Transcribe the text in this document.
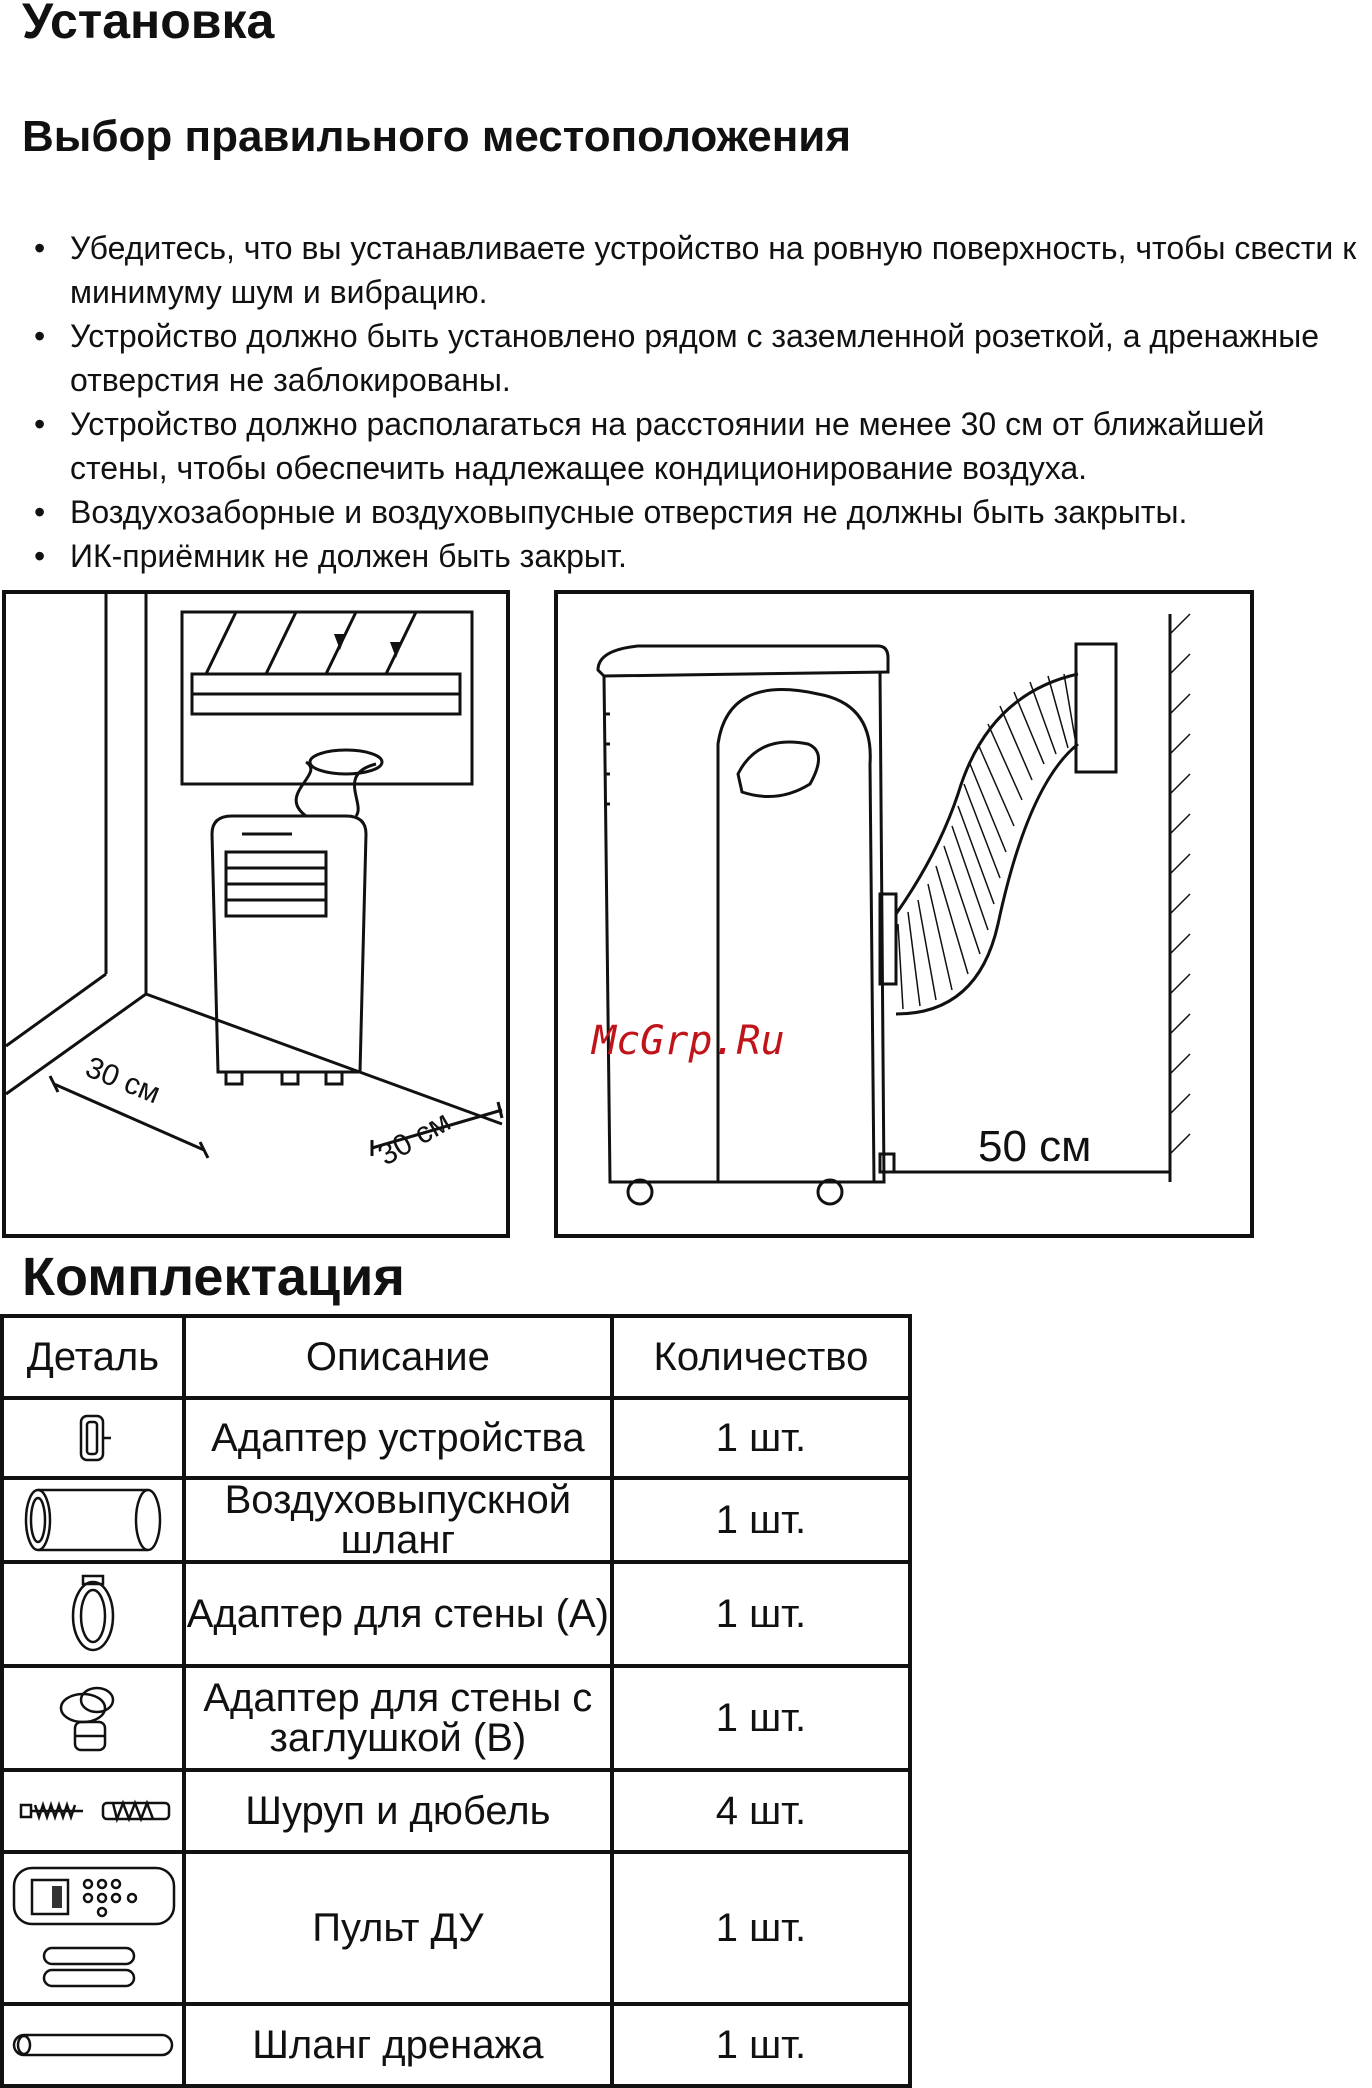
Установка
Выбор правильного местоположения
• Убедитесь, что вы устанавливаете устройство на ровную поверхность, чтобы свести к минимуму шум и вибрацию.
• Устройство должно быть установлено рядом с заземленной розеткой, а дренажные отверстия не заблокированы.
• Устройство должно располагаться на расстоянии не менее 30 см от ближайшей стены, чтобы обеспечить надлежащее кондиционирование воздуха.
• Воздухозаборные и воздуховыпусные отверстия не должны быть закрыты.
• ИК-приёмник не должен быть закрыт.
30 см
30 см	50 см
McGrp.Ru
Комплектация
Деталь	Описание	Количество

	Адаптер устройства	1 шт.

	Воздуховыпускной шланг	1 шт.

	Адаптер для стены (А)	1 шт.

	Адаптер для стены с заглушкой (В)	1 шт.

	Шуруп и дюбель	4 шт.

	Пульт ДУ	1 шт.

	Шланг дренажа	1 шт.
